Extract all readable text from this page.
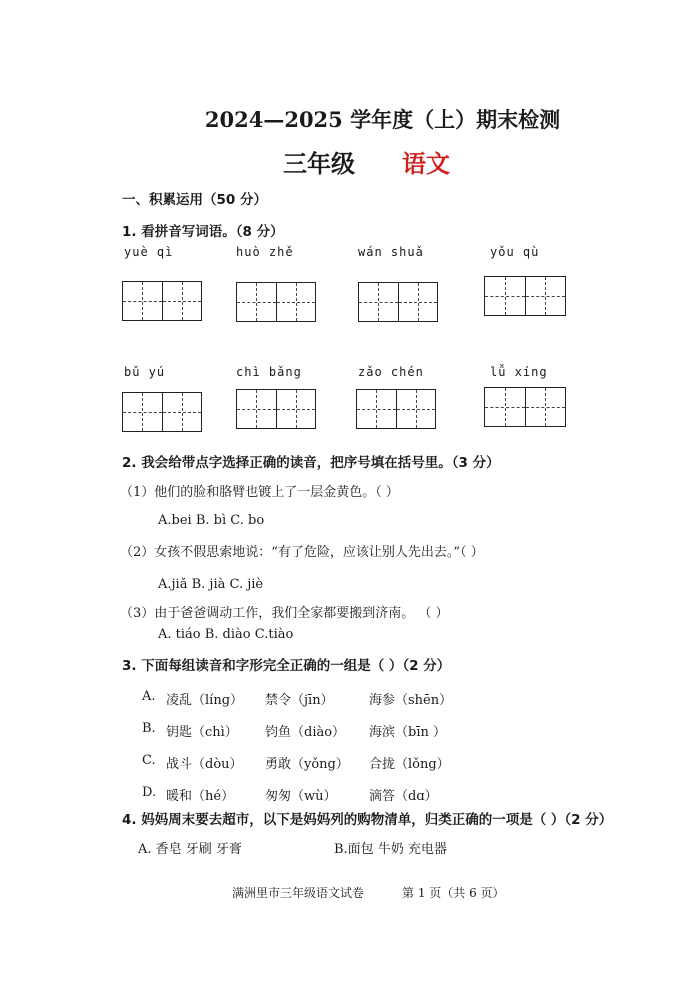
2024—2025 学年度（上）期末检测
三年级 语文
一、积累运用（50 分）
1. 看拼音写词语。（8 分）
yuè qì	huò zhě	wán shuǎ	yǒu qù
bǔ yú	chì bǎng	zǎo chén	lǚ xíng
2. 我会给带点字选择正确的读音，把序号填在括号里。（3 分）
（1）他们的脸和胳臂也镀上了一层金黄色。（ ）
A.bei B. bì C. bo
（2）女孩不假思索地说：“有了危险，应该让别人先出去。”（ ）
A.jiǎ B. jià C. jiè
（3）由于爸爸调动工作，我们全家都要搬到济南。 （ ）
A. tiáo B. diào C.tiào
3. 下面每组读音和字形完全正确的一组是（ ）（2 分）
A. 凌乱（líng） 禁令（jīn）	海参（shēn）
B. 钥匙（chì） 钧鱼（diào） 海滨（bīn ）
C. 战斗（dòu） 勇敢（yǒng） 合拢（lǒng）
D. 暖和（hé） 匆匆（wù） 滴答（dɑ）
4. 妈妈周末要去超市，以下是妈妈列的购物清单，归类正确的一项是（ ）（2 分）
A. 香皂 牙刷 牙膏	B.面包 牛奶 充电器
满洲里市三年级语文试卷	第 1 页（共 6 页）
